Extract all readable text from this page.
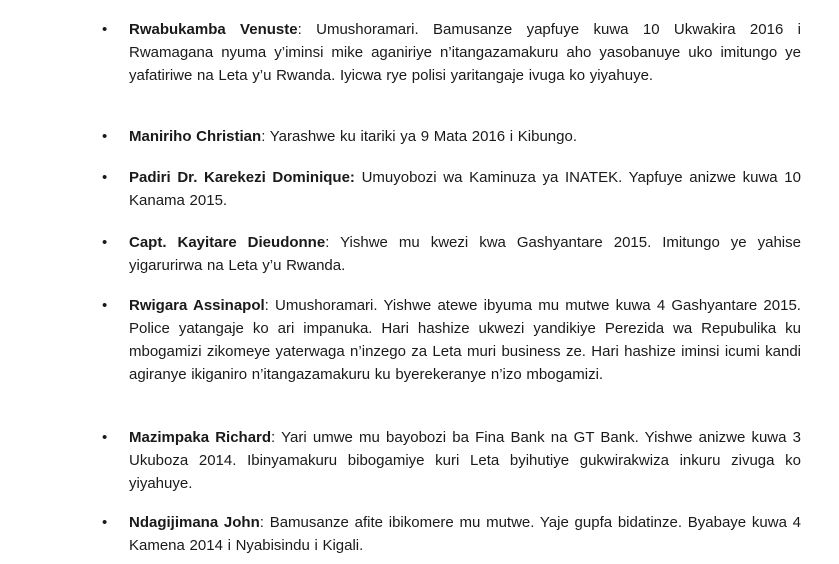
• Rwabukamba Venuste: Umushoramari. Bamusanze yapfuye kuwa 10 Ukwakira 2016 i Rwamagana nyuma y’iminsi mike aganiriye n’itangazamakuru aho yasobanuye uko imitungo ye yafatiriwe na Leta y’u Rwanda. Iyicwa rye polisi yaritangaje ivuga ko yiyahuye.
• Maniriho Christian: Yarashwe ku itariki ya 9 Mata 2016 i Kibungo.
• Padiri Dr. Karekezi Dominique: Umuyobozi wa Kaminuza ya INATEK. Yapfuye anizwe kuwa 10 Kanama 2015.
• Capt. Kayitare Dieudonne: Yishwe mu kwezi kwa Gashyantare 2015. Imitungo ye yahise yigarurirwa na Leta y’u Rwanda.
• Rwigara Assinapol: Umushoramari. Yishwe atewe ibyuma mu mutwe kuwa 4 Gashyantare 2015. Police yatangaje ko ari impanuka. Hari hashize ukwezi yandikiye Perezida wa Repubulika ku mbogamizi zikomeye yaterwaga n’inzego za Leta muri business ze. Hari hashize iminsi icumi kandi agiranye ikiganiro n’itangazamakuru ku byerekeranye n’izo mbogamizi.
• Mazimpaka Richard: Yari umwe mu bayobozi ba Fina Bank na GT Bank. Yishwe anizwe kuwa 3 Ukuboza 2014. Ibinyamakuru bibogamiye kuri Leta byihutiye gukwirakwiza inkuru zivuga ko yiyahuye.
• Ndagijimana John: Bamusanze afite ibikomere mu mutwe. Yaje gupfa bidatinze. Byabaye kuwa 4 Kamena 2014 i Nyabisindu i Kigali.
